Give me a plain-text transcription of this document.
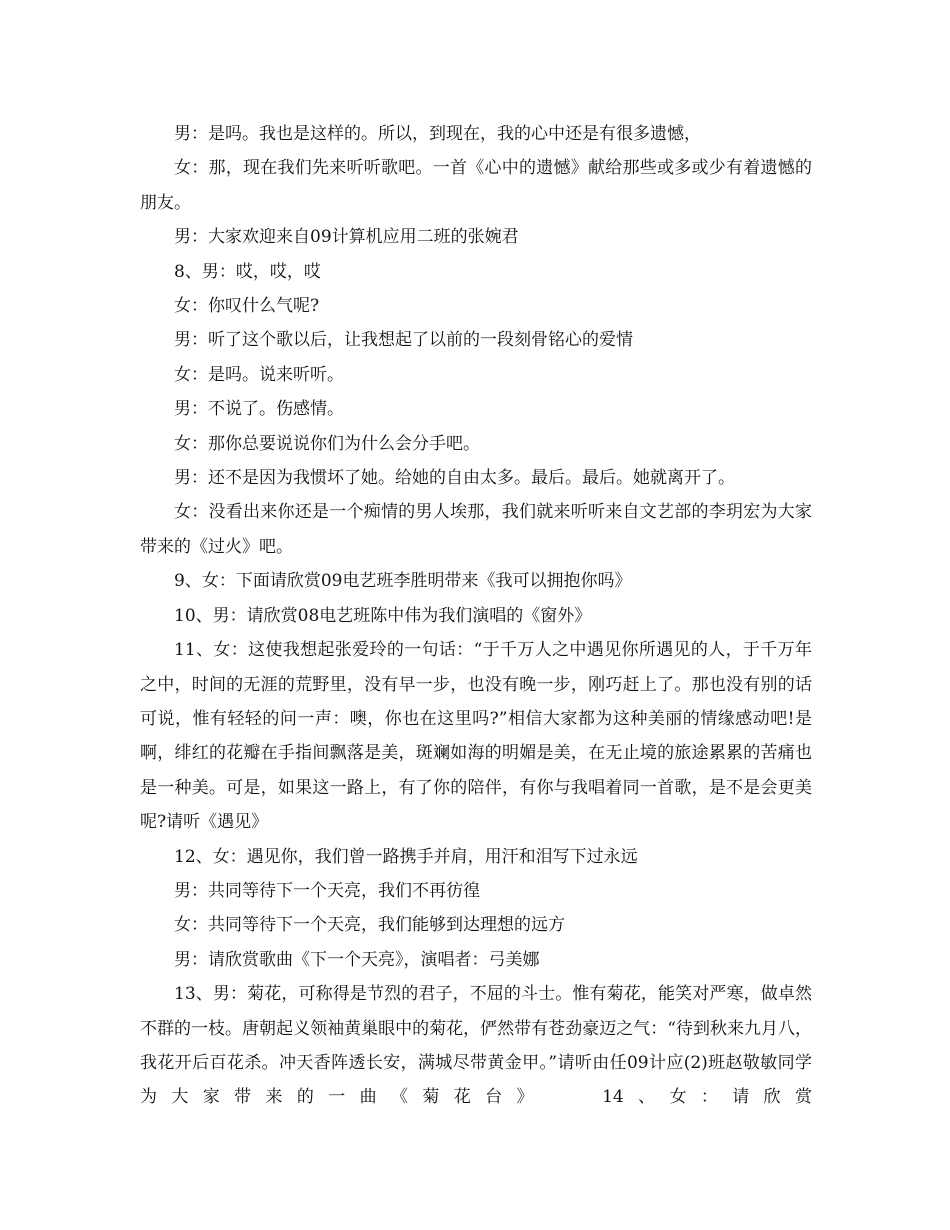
男：是吗。我也是这样的。所以，到现在，我的心中还是有很多遗憾，

女：那，现在我们先来听听歌吧。一首《心中的遗憾》献给那些或多或少有着遗憾的朋友。

男：大家欢迎来自09计算机应用二班的张婉君

8、男：哎，哎，哎

女：你叹什么气呢?

男：听了这个歌以后，让我想起了以前的一段刻骨铭心的爱情

女：是吗。说来听听。

男：不说了。伤感情。

女：那你总要说说你们为什么会分手吧。

男：还不是因为我惯坏了她。给她的自由太多。最后。最后。她就离开了。

女：没看出来你还是一个痴情的男人埃那，我们就来听听来自文艺部的李玥宏为大家带来的《过火》吧。

9、女：下面请欣赏09电艺班李胜明带来《我可以拥抱你吗》

10、男：请欣赏08电艺班陈中伟为我们演唱的《窗外》

11、女：这使我想起张爱玲的一句话：“于千万人之中遇见你所遇见的人，于千万年之中，时间的无涯的荒野里，没有早一步，也没有晚一步，刚巧赶上了。那也没有别的话可说，惟有轻轻的问一声：噢，你也在这里吗?”相信大家都为这种美丽的情缘感动吧!是啊，绯红的花瓣在手指间飘落是美，斑斓如海的明媚是美，在无止境的旅途累累的苦痛也是一种美。可是，如果这一路上，有了你的陪伴，有你与我唱着同一首歌，是不是会更美呢?请听《遇见》

12、女：遇见你，我们曾一路携手并肩，用汗和泪写下过永远

男：共同等待下一个天亮，我们不再彷徨

女：共同等待下一个天亮，我们能够到达理想的远方

男：请欣赏歌曲《下一个天亮》，演唱者：弓美娜

13、男：菊花，可称得是节烈的君子，不屈的斗士。惟有菊花，能笑对严寒，做卓然不群的一枝。唐朝起义领袖黄巢眼中的菊花，俨然带有苍劲豪迈之气：“待到秋来九月八，我花开后百花杀。冲天香阵透长安，满城尽带黄金甲。”请听由任09计应(2)班赵敬敏同学为大家带来的一曲《菊花台》　　14、女：请欣赏
